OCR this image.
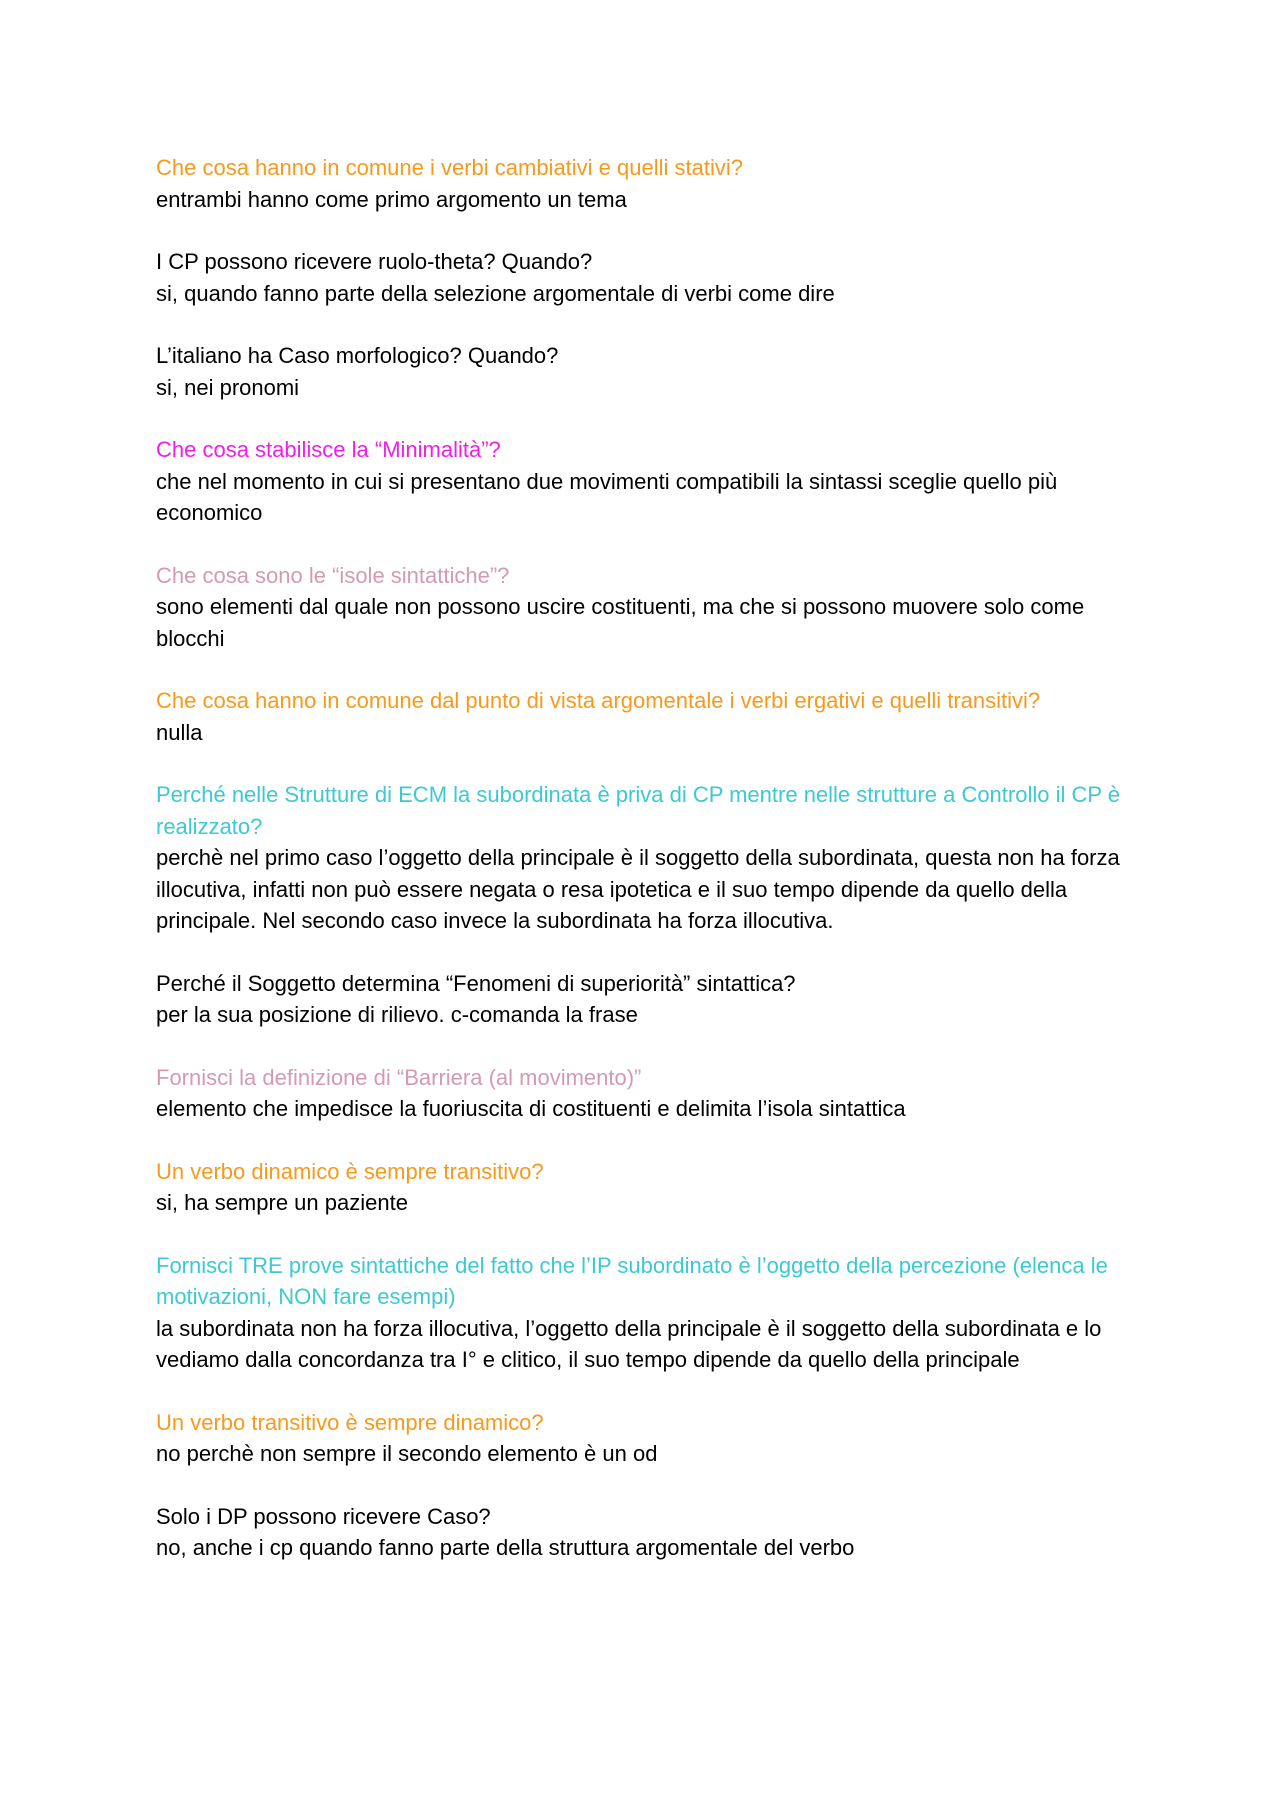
Che cosa hanno in comune i verbi cambiativi e quelli stativi?
entrambi hanno come primo argomento un tema
I CP possono ricevere ruolo-theta? Quando?
si, quando fanno parte della selezione argomentale di verbi come dire
L’italiano ha Caso morfologico? Quando?
si, nei pronomi
Che cosa stabilisce la “Minimalità”?
che nel momento in cui si presentano due movimenti compatibili la sintassi sceglie quello più economico
Che cosa sono le “isole sintattiche”?
sono elementi dal quale non possono uscire costituenti, ma che si possono muovere solo come blocchi
Che cosa hanno in comune dal punto di vista argomentale i verbi ergativi e quelli transitivi?
nulla
Perché nelle Strutture di ECM la subordinata è priva di CP mentre nelle strutture a Controllo il CP è realizzato?
perchè nel primo caso l’oggetto della principale è il soggetto della subordinata, questa non ha forza illocutiva, infatti non può essere negata o resa ipotetica e il suo tempo dipende da quello della principale. Nel secondo caso invece la subordinata ha forza illocutiva.
Perché il Soggetto determina “Fenomeni di superiorità” sintattica?
per la sua posizione di rilievo. c-comanda la frase
Fornisci la definizione di “Barriera (al movimento)”
elemento che impedisce la fuoriuscita di costituenti e delimita l’isola sintattica
Un verbo dinamico è sempre transitivo?
si, ha sempre un paziente
Fornisci TRE prove sintattiche del fatto che l’IP subordinato è l’oggetto della percezione (elenca le motivazioni, NON fare esempi)
la subordinata non ha forza illocutiva, l’oggetto della principale è il soggetto della subordinata e lo vediamo dalla concordanza tra I° e clitico, il suo tempo dipende da quello della principale
Un verbo transitivo è sempre dinamico?
no perchè non sempre il secondo elemento è un od
Solo i DP possono ricevere Caso?
no, anche i cp quando fanno parte della struttura argomentale del verbo
